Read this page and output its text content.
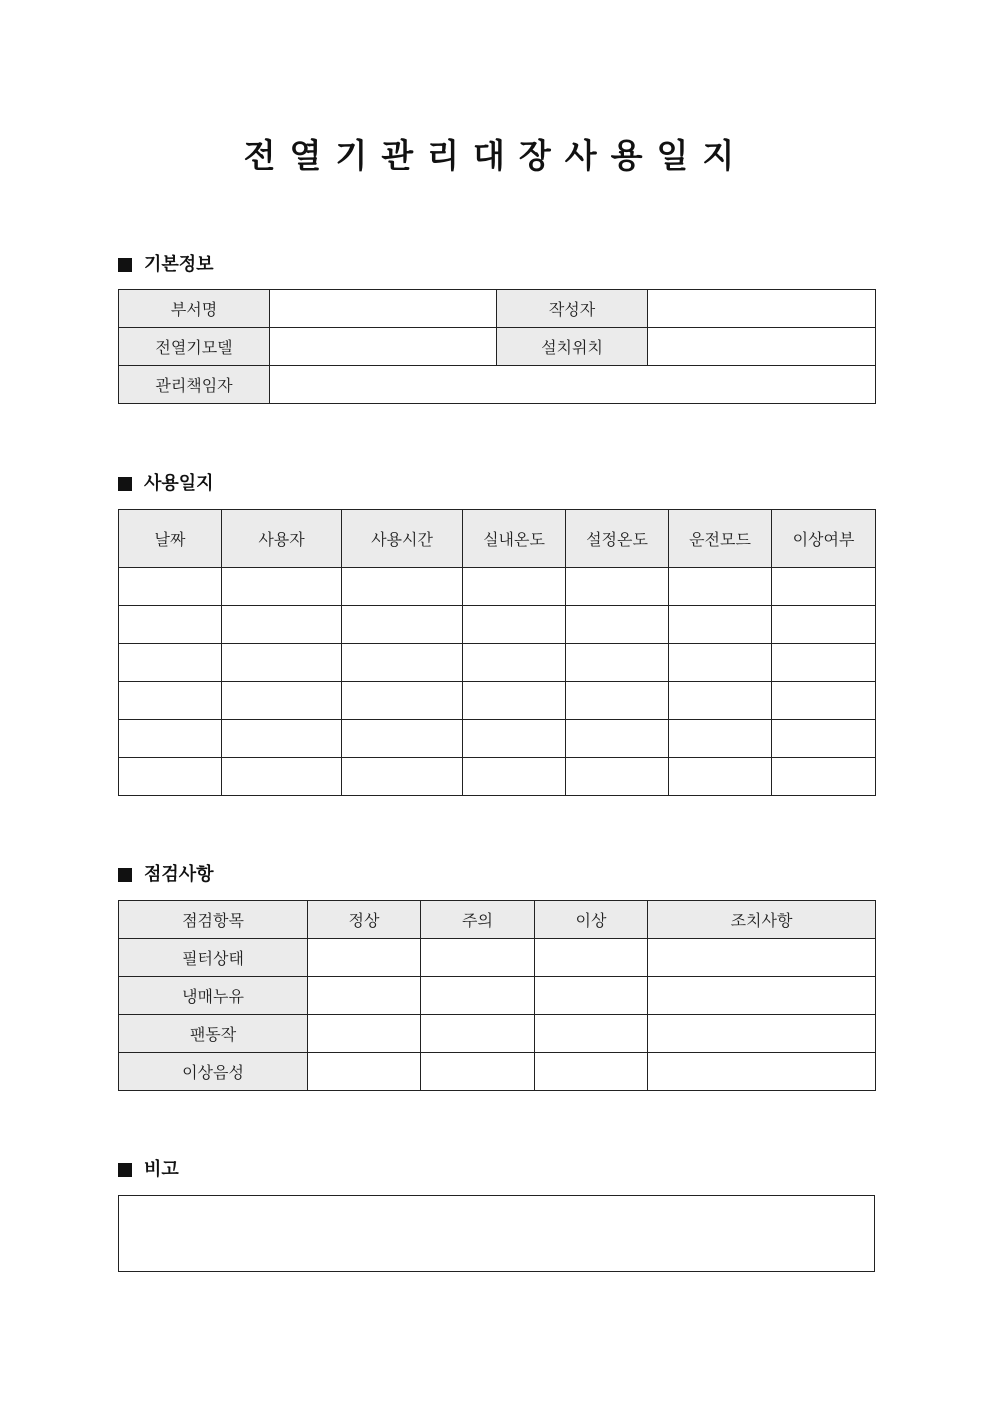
전열기관리대장사용일지
기본정보
부서명		작성자	
전열기모델		설치위치	
관리책임자			
사용일지
날짜	사용자	사용시간	실내온도	설정온도	운전모드	이상여부

점검사항
점검항목	정상	주의	이상	조치사항
필터상태				
냉매누유				
팬동작				
이상음성				
비고
